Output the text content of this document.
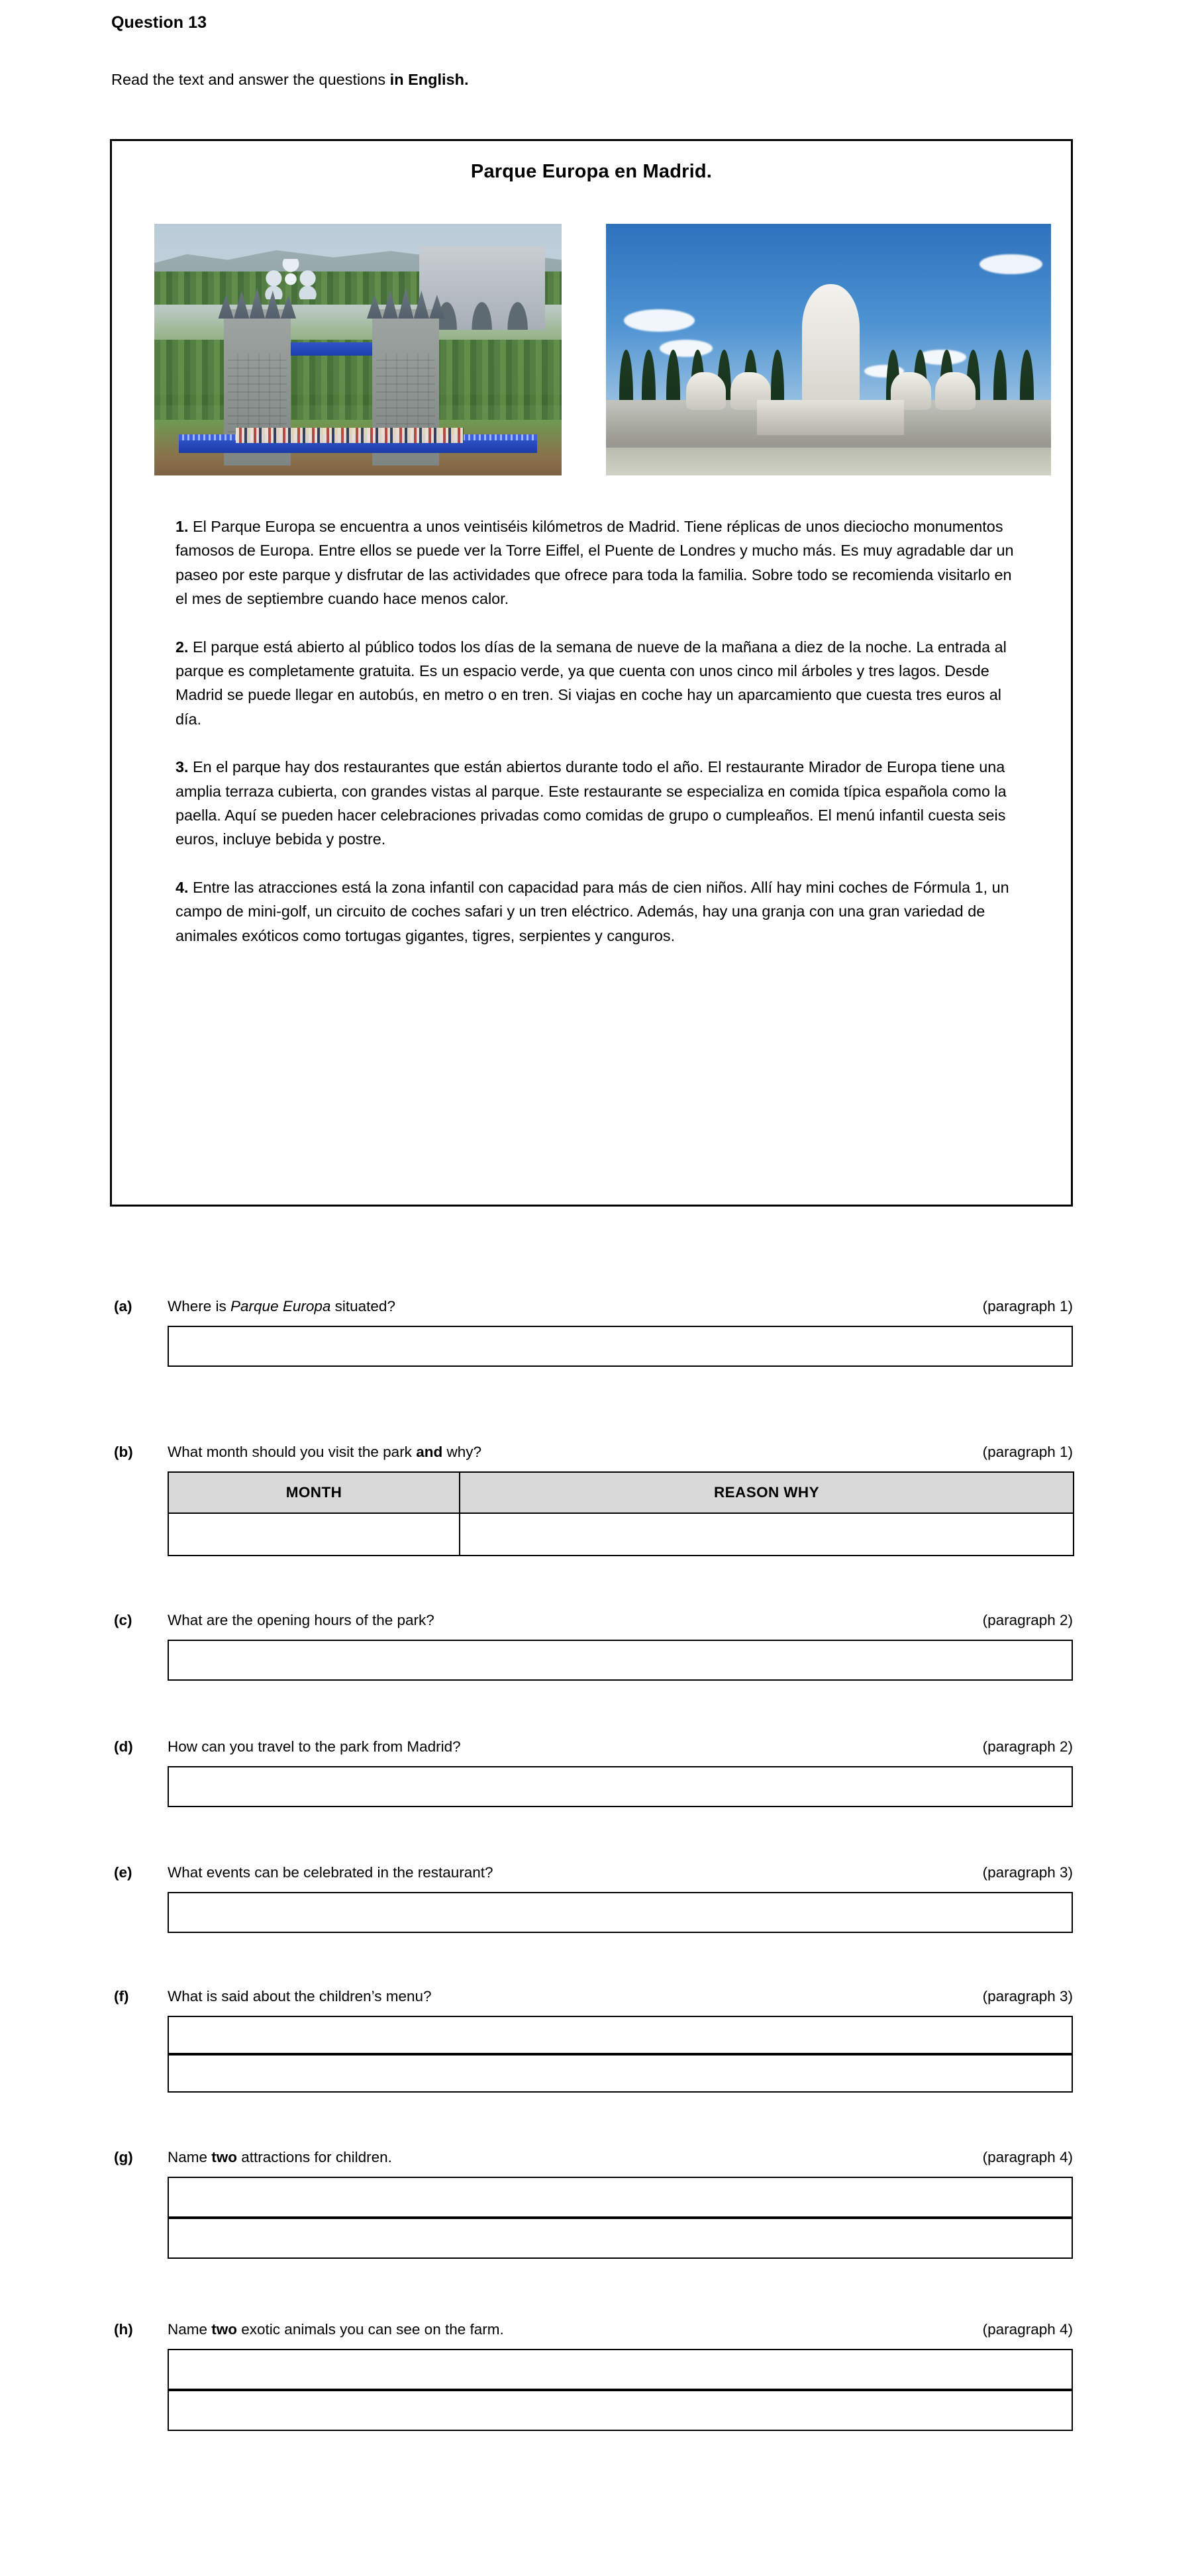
Question 13
Read the text and answer the questions in English.
Parque Europa en Madrid.

1. El Parque Europa se encuentra a unos veintiséis kilómetros de Madrid. Tiene réplicas de unos dieciocho monumentos famosos de Europa. Entre ellos se puede ver la Torre Eiffel, el Puente de Londres y mucho más. Es muy agradable dar un paseo por este parque y disfrutar de las actividades que ofrece para toda la familia. Sobre todo se recomienda visitarlo en el mes de septiembre cuando hace menos calor.

2. El parque está abierto al público todos los días de la semana de nueve de la mañana a diez de la noche. La entrada al parque es completamente gratuita. Es un espacio verde, ya que cuenta con unos cinco mil árboles y tres lagos. Desde Madrid se puede llegar en autobús, en metro o en tren. Si viajas en coche hay un aparcamiento que cuesta tres euros al día.

3. En el parque hay dos restaurantes que están abiertos durante todo el año. El restaurante Mirador de Europa tiene una amplia terraza cubierta, con grandes vistas al parque. Este restaurante se especializa en comida típica española como la paella. Aquí se pueden hacer celebraciones privadas como comidas de grupo o cumpleaños. El menú infantil cuesta seis euros, incluye bebida y postre.

4. Entre las atracciones está la zona infantil con capacidad para más de cien niños. Allí hay mini coches de Fórmula 1, un campo de mini-golf, un circuito de coches safari y un tren eléctrico. Además, hay una granja con una gran variedad de animales exóticos como tortugas gigantes, tigres, serpientes y canguros.

(a) Where is Parque Europa situated?	(paragraph 1)
(b) What month should you visit the park and why?	(paragraph 1)
MONTH	REASON WHY

(c) What are the opening hours of the park?	(paragraph 2)
(d) How can you travel to the park from Madrid?	(paragraph 2)
(e) What events can be celebrated in the restaurant?	(paragraph 3)
(f)	What is said about the children’s menu?	(paragraph 3)
(g) Name two attractions for children.	(paragraph 4)
(h) Name two exotic animals you can see on the farm.	(paragraph 4)
